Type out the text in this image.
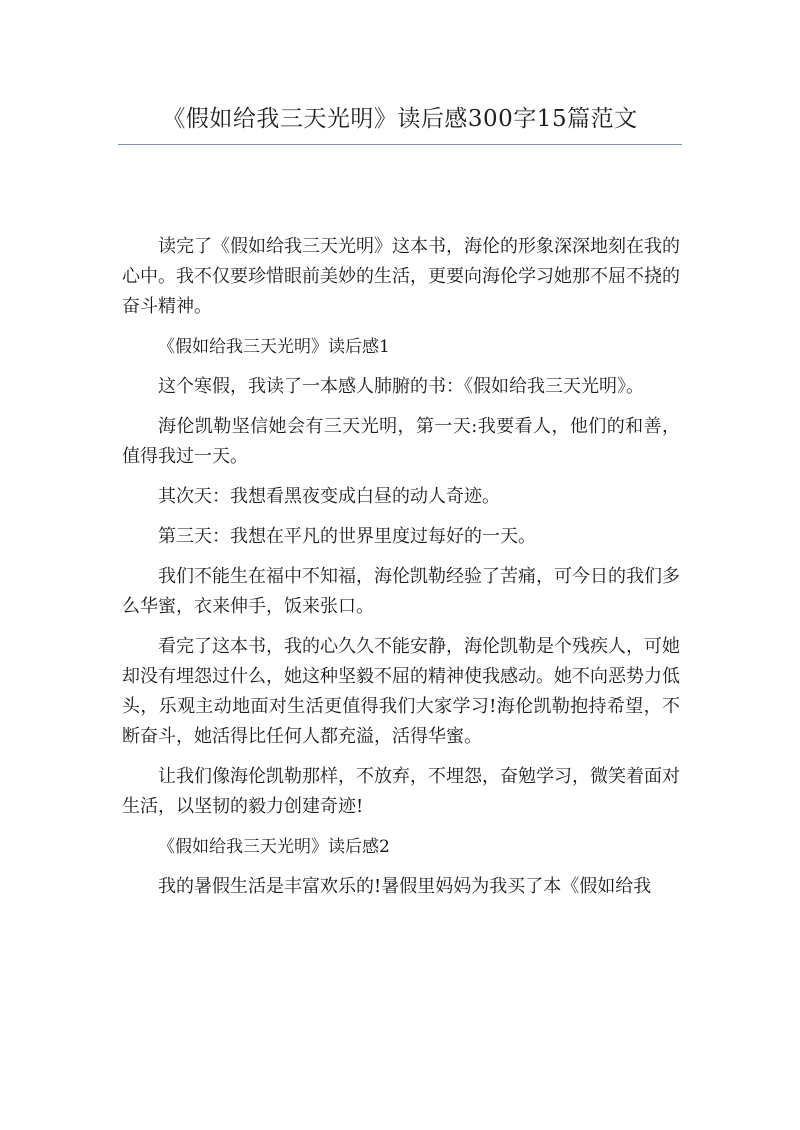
《假如给我三天光明》读后感300字15篇范文

读完了《假如给我三天光明》这本书，海伦的形象深深地刻在我的心中。我不仅要珍惜眼前美妙的生活，更要向海伦学习她那不屈不挠的奋斗精神。

《假如给我三天光明》读后感1

这个寒假，我读了一本感人肺腑的书：《假如给我三天光明》。

海伦凯勒坚信她会有三天光明，第一天:我要看人，他们的和善，值得我过一天。

其次天：我想看黑夜变成白昼的动人奇迹。

第三天：我想在平凡的世界里度过每好的一天。

我们不能生在福中不知福，海伦凯勒经验了苦痛，可今日的我们多么华蜜，衣来伸手，饭来张口。

看完了这本书，我的心久久不能安静，海伦凯勒是个残疾人，可她却没有埋怨过什么，她这种坚毅不屈的精神使我感动。她不向恶势力低头，乐观主动地面对生活更值得我们大家学习!海伦凯勒抱持希望，不断奋斗，她活得比任何人都充溢，活得华蜜。

让我们像海伦凯勒那样，不放弃，不埋怨，奋勉学习，微笑着面对生活，以坚韧的毅力创建奇迹!

《假如给我三天光明》读后感2

我的暑假生活是丰富欢乐的!暑假里妈妈为我买了本《假如给我
